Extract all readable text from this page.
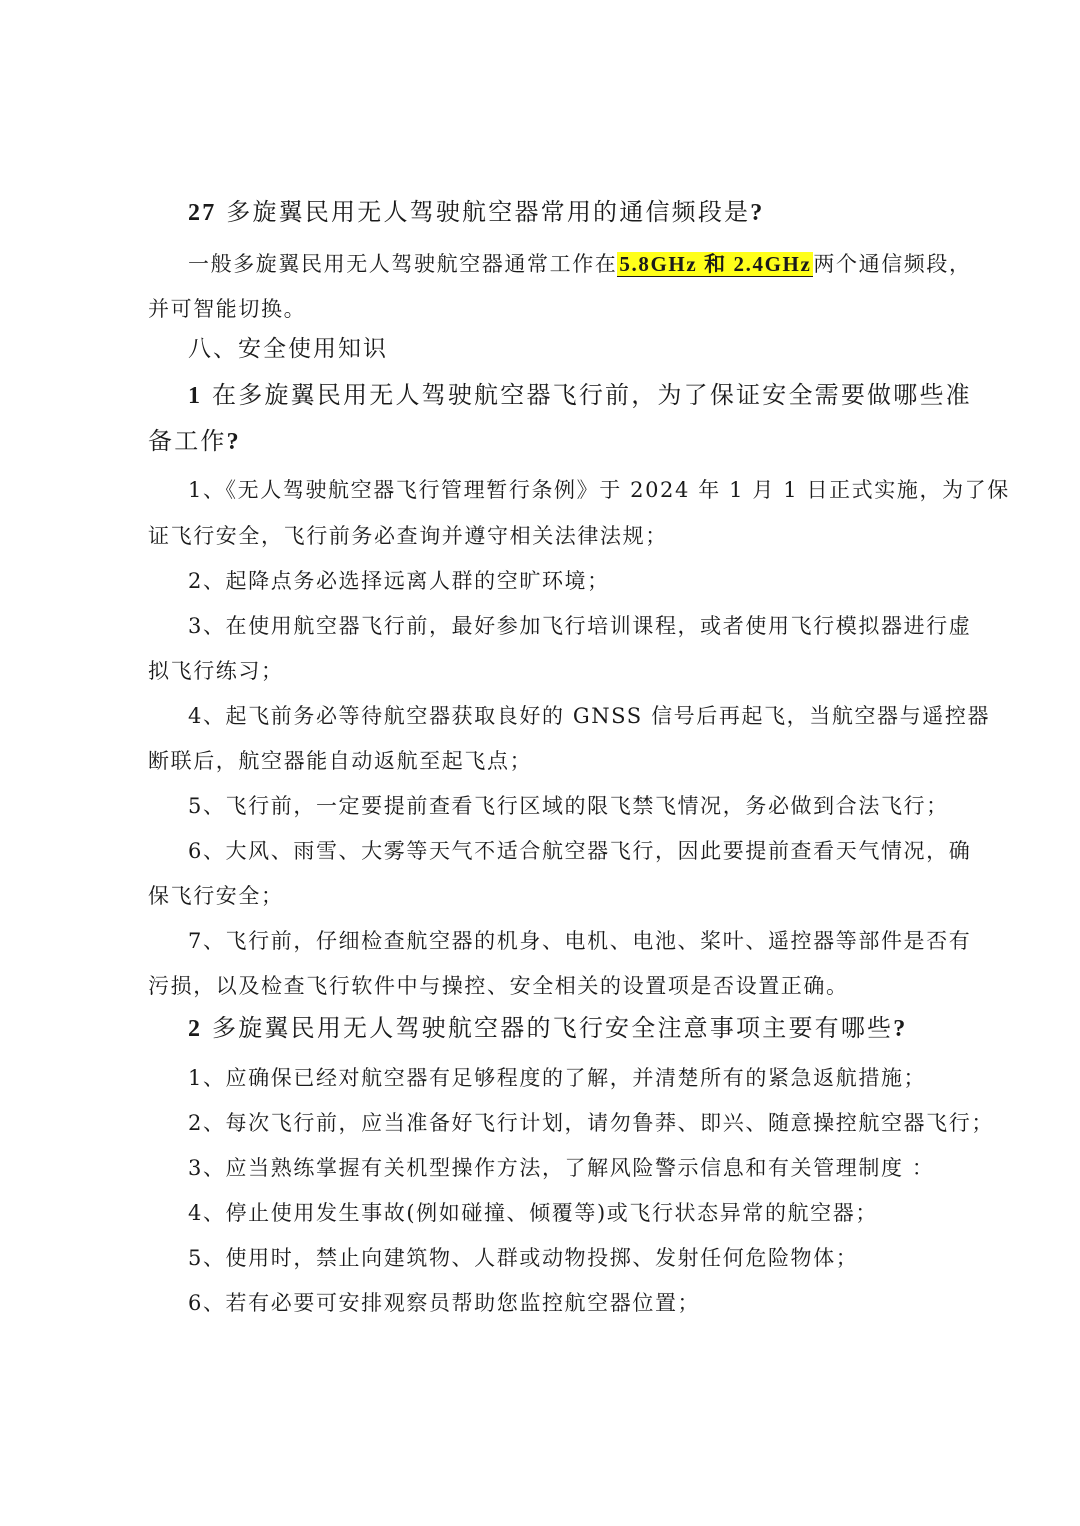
27 多旋翼民用无人驾驶航空器常用的通信频段是?
一般多旋翼民用无人驾驶航空器通常工作在5.8GHz 和 2.4GHz两个通信频段，
并可智能切换。
八、安全使用知识
1 在多旋翼民用无人驾驶航空器飞行前，为了保证安全需要做哪些准
备工作?
1、《无人驾驶航空器飞行管理暂行条例》于 2024 年 1 月 1 日正式实施，为了保
证飞行安全，飞行前务必查询并遵守相关法律法规；
2、起降点务必选择远离人群的空旷环境；
3、在使用航空器飞行前，最好参加飞行培训课程，或者使用飞行模拟器进行虚
拟飞行练习；
4、起飞前务必等待航空器获取良好的 GNSS 信号后再起飞，当航空器与遥控器
断联后，航空器能自动返航至起飞点；
5、飞行前，一定要提前查看飞行区域的限飞禁飞情况，务必做到合法飞行；
6、大风、雨雪、大雾等天气不适合航空器飞行，因此要提前查看天气情况，确
保飞行安全；
7、飞行前，仔细检查航空器的机身、电机、电池、桨叶、遥控器等部件是否有
污损，以及检查飞行软件中与操控、安全相关的设置项是否设置正确。
2 多旋翼民用无人驾驶航空器的飞行安全注意事项主要有哪些?
1、应确保已经对航空器有足够程度的了解，并清楚所有的紧急返航措施；
2、每次飞行前，应当准备好飞行计划，请勿鲁莽、即兴、随意操控航空器飞行；
3、应当熟练掌握有关机型操作方法，了解风险警示信息和有关管理制度 ：
4、停止使用发生事故(例如碰撞、倾覆等)或飞行状态异常的航空器；
5、使用时，禁止向建筑物、人群或动物投掷、发射任何危险物体；
6、若有必要可安排观察员帮助您监控航空器位置；
